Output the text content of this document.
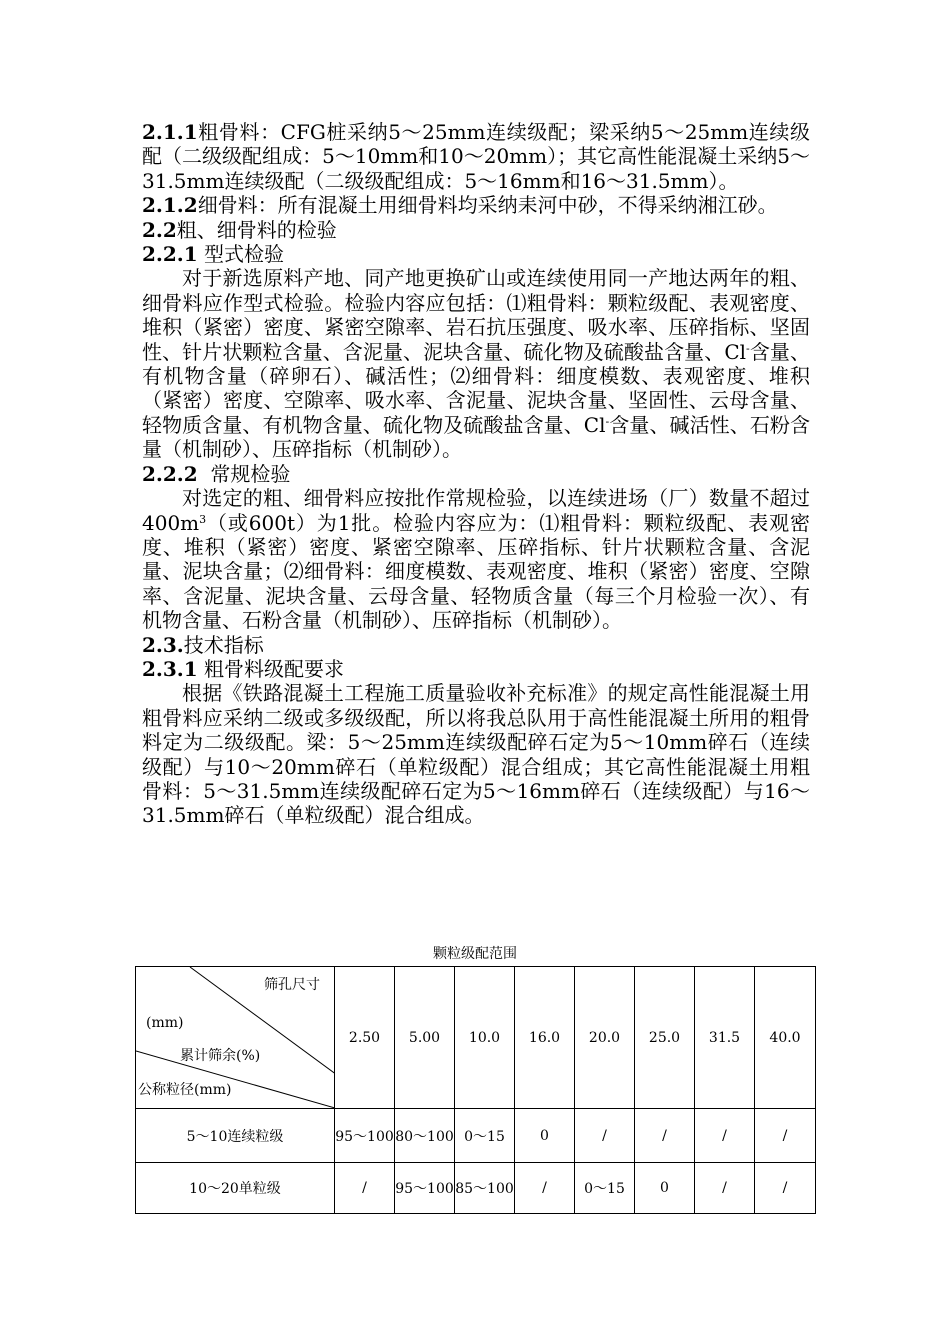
2.1.1粗骨料：CFG桩采纳5～25mm连续级配；梁采纳5～25mm连续级配（二级级配组成：5～10mm和10～20mm）；其它高性能混凝土采纳5～31.5mm连续级配（二级级配组成：5～16mm和16～31.5mm）。

2.1.2细骨料：所有混凝土用细骨料均采纳耒河中砂，不得采纳湘江砂。

2.2粗、细骨料的检验

2.2.1 型式检验

对于新选原料产地、同产地更换矿山或连续使用同一产地达两年的粗、细骨料应作型式检验。检验内容应包括：⑴粗骨料：颗粒级配、表观密度、堆积（紧密）密度、紧密空隙率、岩石抗压强度、吸水率、压碎指标、坚固性、针片状颗粒含量、含泥量、泥块含量、硫化物及硫酸盐含量、Cl-含量、有机物含量（碎卵石）、碱活性；⑵细骨料：细度模数、表观密度、堆积（紧密）密度、空隙率、吸水率、含泥量、泥块含量、坚固性、云母含量、轻物质含量、有机物含量、硫化物及硫酸盐含量、Cl-含量、碱活性、石粉含量（机制砂）、压碎指标（机制砂）。

2.2.2  常规检验

对选定的粗、细骨料应按批作常规检验，以连续进场（厂）数量不超过$400m^3$（或600t）为1批。检验内容应为：⑴粗骨料：颗粒级配、表观密度、堆积（紧密）密度、紧密空隙率、压碎指标、针片状颗粒含量、含泥量、泥块含量；⑵细骨料：细度模数、表观密度、堆积（紧密）密度、空隙率、含泥量、泥块含量、云母含量、轻物质含量（每三个月检验一次）、有机物含量、石粉含量（机制砂）、压碎指标（机制砂）。

2.3.技术指标

2.3.1 粗骨料级配要求

根据《铁路混凝土工程施工质量验收补充标准》的规定高性能混凝土用粗骨料应采纳二级或多级级配，所以将我总队用于高性能混凝土所用的粗骨料定为二级级配。梁：5～25mm连续级配碎石定为5～10mm碎石（连续级配）与10～20mm碎石（单粒级配）混合组成；其它高性能混凝土用粗骨料：5～31.5mm连续级配碎石定为5～16mm碎石（连续级配）与16～31.5mm碎石（单粒级配）混合组成。

颗粒级配范围
筛孔尺寸
(mm)
累计筛余(%)
公称粒径(mm)	2.50	5.00	10.0	16.0	20.0	25.0	31.5	40.0
5～10连续粒级	95～100	80～100	0～15	0	/	/	/	/
10～20单粒级	/	95～100	85～100	/	0～15	0	/	/
